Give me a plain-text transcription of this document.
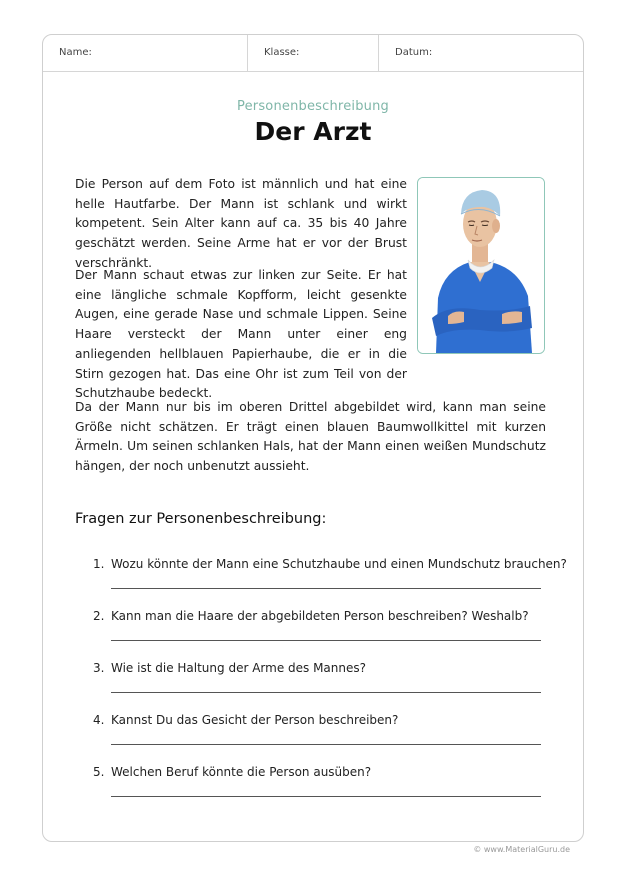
Name:	Klasse:	Datum:
Personenbeschreibung
Der Arzt

Die Person auf dem Foto ist männlich und hat eine helle Hautfarbe. Der Mann ist schlank und wirkt kompetent. Sein Alter kann auf ca. 35 bis 40 Jahre geschätzt werden. Seine Arme hat er vor der Brust verschränkt.

Der Mann schaut etwas zur linken zur Seite. Er hat eine längliche schmale Kopfform, leicht gesenkte Augen, eine gerade Nase und schmale Lippen. Seine Haare versteckt der Mann unter einer eng anliegenden hellblauen Papierhaube, die er in die Stirn gezogen hat. Das eine Ohr ist zum Teil von der Schutzhaube bedeckt.

Da der Mann nur bis im oberen Drittel abgebildet wird, kann man seine Größe nicht schätzen. Er trägt einen blauen Baumwollkittel mit kurzen Ärmeln. Um seinen schlanken Hals, hat der Mann einen weißen Mundschutz hängen, der noch unbenutzt aussieht.

Fragen zur Personenbeschreibung:
1. Wozu könnte der Mann eine Schutzhaube und einen Mundschutz brauchen?
2. Kann man die Haare der abgebildeten Person beschreiben? Weshalb?
3. Wie ist die Haltung der Arme des Mannes?
4. Kannst Du das Gesicht der Person beschreiben?
5. Welchen Beruf könnte die Person ausüben?
© www.MaterialGuru.de
